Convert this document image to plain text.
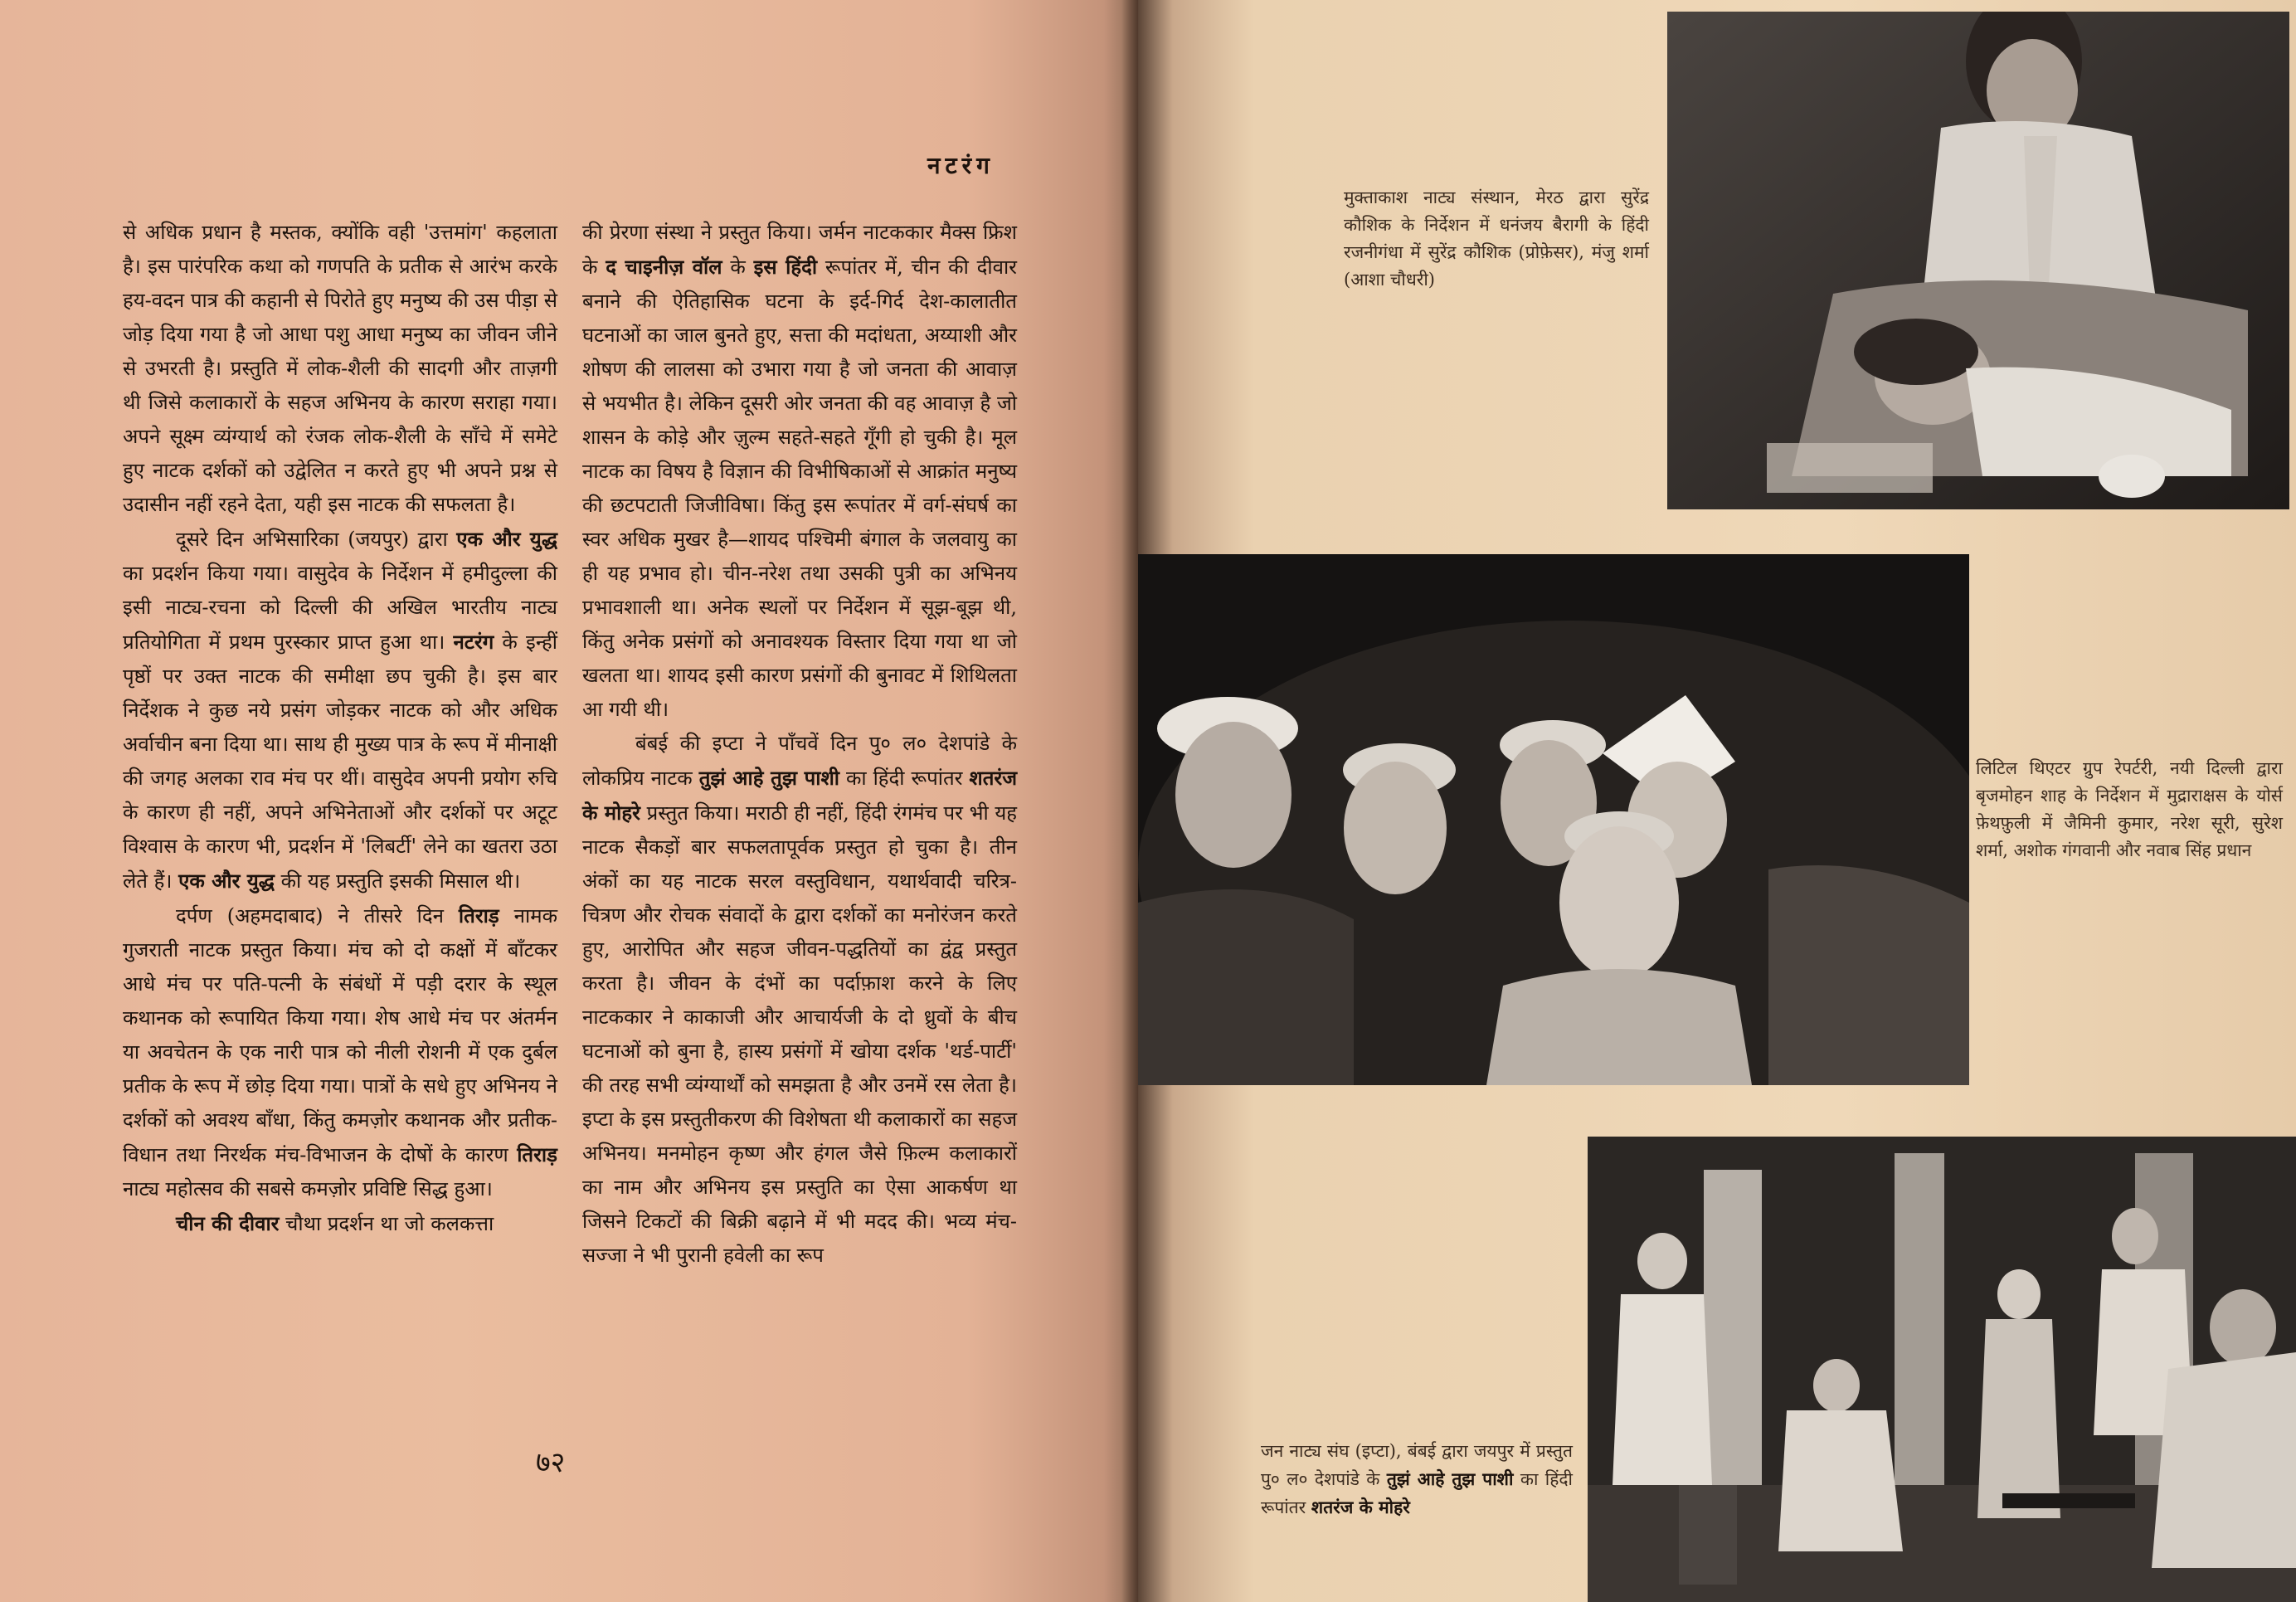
नटरंग

से अधिक प्रधान है मस्तक, क्योंकि वही 'उत्तमांग' कहलाता है। इस पारंपरिक कथा को गणपति के प्रतीक से आरंभ करके हय-वदन पात्र की कहानी से पिरोते हुए मनुष्य की उस पीड़ा से जोड़ दिया गया है जो आधा पशु आधा मनुष्य का जीवन जीने से उभरती है। प्रस्तुति में लोक-शैली की सादगी और ताज़गी थी जिसे कलाकारों के सहज अभिनय के कारण सराहा गया। अपने सूक्ष्म व्यंग्यार्थ को रंजक लोक-शैली के साँचे में समेटे हुए नाटक दर्शकों को उद्वेलित न करते हुए भी अपने प्रश्न से उदासीन नहीं रहने देता, यही इस नाटक की सफलता है।

दूसरे दिन अभिसारिका (जयपुर) द्वारा एक और युद्ध का प्रदर्शन किया गया। वासुदेव के निर्देशन में हमीदुल्ला की इसी नाट्य-रचना को दिल्ली की अखिल भारतीय नाट्य प्रतियोगिता में प्रथम पुरस्कार प्राप्त हुआ था। नटरंग के इन्हीं पृष्ठों पर उक्त नाटक की समीक्षा छप चुकी है। इस बार निर्देशक ने कुछ नये प्रसंग जोड़कर नाटक को और अधिक अर्वाचीन बना दिया था। साथ ही मुख्य पात्र के रूप में मीनाक्षी की जगह अलका राव मंच पर थीं। वासुदेव अपनी प्रयोग रुचि के कारण ही नहीं, अपने अभिनेताओं और दर्शकों पर अटूट विश्वास के कारण भी, प्रदर्शन में 'लिबर्टी' लेने का खतरा उठा लेते हैं। एक और युद्ध की यह प्रस्तुति इसकी मिसाल थी।

दर्पण (अहमदाबाद) ने तीसरे दिन तिराड़ नामक गुजराती नाटक प्रस्तुत किया। मंच को दो कक्षों में बाँटकर आधे मंच पर पति-पत्नी के संबंधों में पड़ी दरार के स्थूल कथानक को रूपायित किया गया। शेष आधे मंच पर अंतर्मन या अवचेतन के एक नारी पात्र को नीली रोशनी में एक दुर्बल प्रतीक के रूप में छोड़ दिया गया। पात्रों के सधे हुए अभिनय ने दर्शकों को अवश्य बाँधा, किंतु कमज़ोर कथानक और प्रतीक-विधान तथा निरर्थक मंच-विभाजन के दोषों के कारण तिराड़ नाट्य महोत्सव की सबसे कमज़ोर प्रविष्टि सिद्ध हुआ।

चीन की दीवार चौथा प्रदर्शन था जो कलकत्ता

की प्रेरणा संस्था ने प्रस्तुत किया। जर्मन नाटककार मैक्स फ्रिश के द चाइनीज़ वॉल के इस हिंदी रूपांतर में, चीन की दीवार बनाने की ऐतिहासिक घटना के इर्द-गिर्द देश-कालातीत घटनाओं का जाल बुनते हुए, सत्ता की मदांधता, अय्याशी और शोषण की लालसा को उभारा गया है जो जनता की आवाज़ से भयभीत है। लेकिन दूसरी ओर जनता की वह आवाज़ है जो शासन के कोड़े और ज़ुल्म सहते-सहते गूँगी हो चुकी है। मूल नाटक का विषय है विज्ञान की विभीषिकाओं से आक्रांत मनुष्य की छटपटाती जिजीविषा। किंतु इस रूपांतर में वर्ग-संघर्ष का स्वर अधिक मुखर है—शायद पश्चिमी बंगाल के जलवायु का ही यह प्रभाव हो। चीन-नरेश तथा उसकी पुत्री का अभिनय प्रभावशाली था। अनेक स्थलों पर निर्देशन में सूझ-बूझ थी, किंतु अनेक प्रसंगों को अनावश्यक विस्तार दिया गया था जो खलता था। शायद इसी कारण प्रसंगों की बुनावट में शिथिलता आ गयी थी।

बंबई की इप्टा ने पाँचवें दिन पु० ल० देशपांडे के लोकप्रिय नाटक तुझं आहे तुझ पाशी का हिंदी रूपांतर शतरंज के मोहरे प्रस्तुत किया। मराठी ही नहीं, हिंदी रंगमंच पर भी यह नाटक सैकड़ों बार सफलतापूर्वक प्रस्तुत हो चुका है। तीन अंकों का यह नाटक सरल वस्तुविधान, यथार्थवादी चरित्र-चित्रण और रोचक संवादों के द्वारा दर्शकों का मनोरंजन करते हुए, आरोपित और सहज जीवन-पद्धतियों का द्वंद्व प्रस्तुत करता है। जीवन के दंभों का पर्दाफ़ाश करने के लिए नाटककार ने काकाजी और आचार्यजी के दो ध्रुवों के बीच घटनाओं को बुना है, हास्य प्रसंगों में खोया दर्शक 'थर्ड-पार्टी' की तरह सभी व्यंग्यार्थों को समझता है और उनमें रस लेता है। इप्टा के इस प्रस्तुतीकरण की विशेषता थी कलाकारों का सहज अभिनय। मनमोहन कृष्ण और हंगल जैसे फ़िल्म कलाकारों का नाम और अभिनय इस प्रस्तुति का ऐसा आकर्षण था जिसने टिकटों की बिक्री बढ़ाने में भी मदद की। भव्य मंच-सज्जा ने भी पुरानी हवेली का रूप

७२
मुक्ताकाश नाट्य संस्थान, मेरठ द्वारा सुरेंद्र कौशिक के निर्देशन में धनंजय बैरागी के हिंदी रजनीगंधा में सुरेंद्र कौशिक (प्रोफ़ेसर), मंजु शर्मा (आशा चौधरी)
लिटिल थिएटर ग्रुप रेपर्टरी, नयी दिल्ली द्वारा बृजमोहन शाह के निर्देशन में मुद्राराक्षस के योर्स फ़ेथफ़ुली में जैमिनी कुमार, नरेश सूरी, सुरेश शर्मा, अशोक गंगवानी और नवाब सिंह प्रधान
जन नाट्य संघ (इप्टा), बंबई द्वारा जयपुर में प्रस्तुत पु० ल० देशपांडे के तुझं आहे तुझ पाशी का हिंदी रूपांतर शतरंज के मोहरे
